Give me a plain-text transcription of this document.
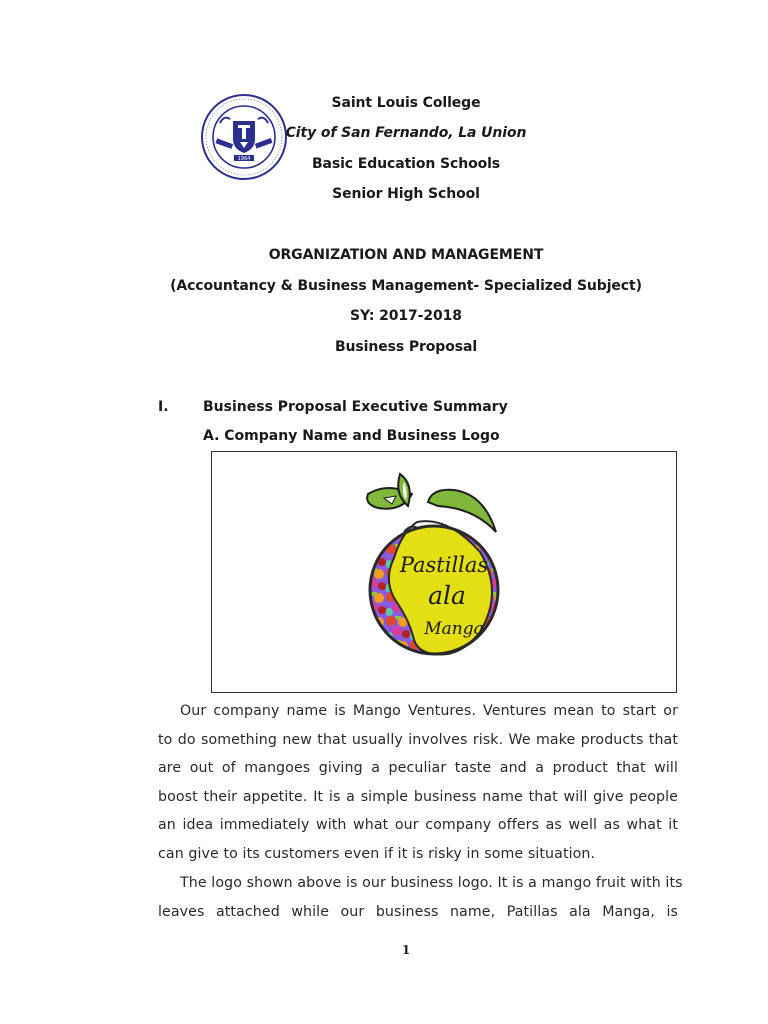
1964
Saint Louis College
City of San Fernando, La Union
Basic Education Schools
Senior High School
ORGANIZATION AND MANAGEMENT
(Accountancy & Business Management- Specialized Subject)
SY: 2017-2018
Business Proposal
I. Business Proposal Executive Summary
A. Company Name and Business Logo
Pastillas
ala
Manga
Our company name is Mango Ventures. Ventures mean to start or
to do something new that usually involves risk. We make products that
are out of mangoes giving a peculiar taste and a product that will
boost their appetite. It is a simple business name that will give people
an idea immediately with what our company offers as well as what it
can give to its customers even if it is risky in some situation.
The logo shown above is our business logo. It is a mango fruit with its
leaves attached while our business name, Patillas ala Manga, is
1
